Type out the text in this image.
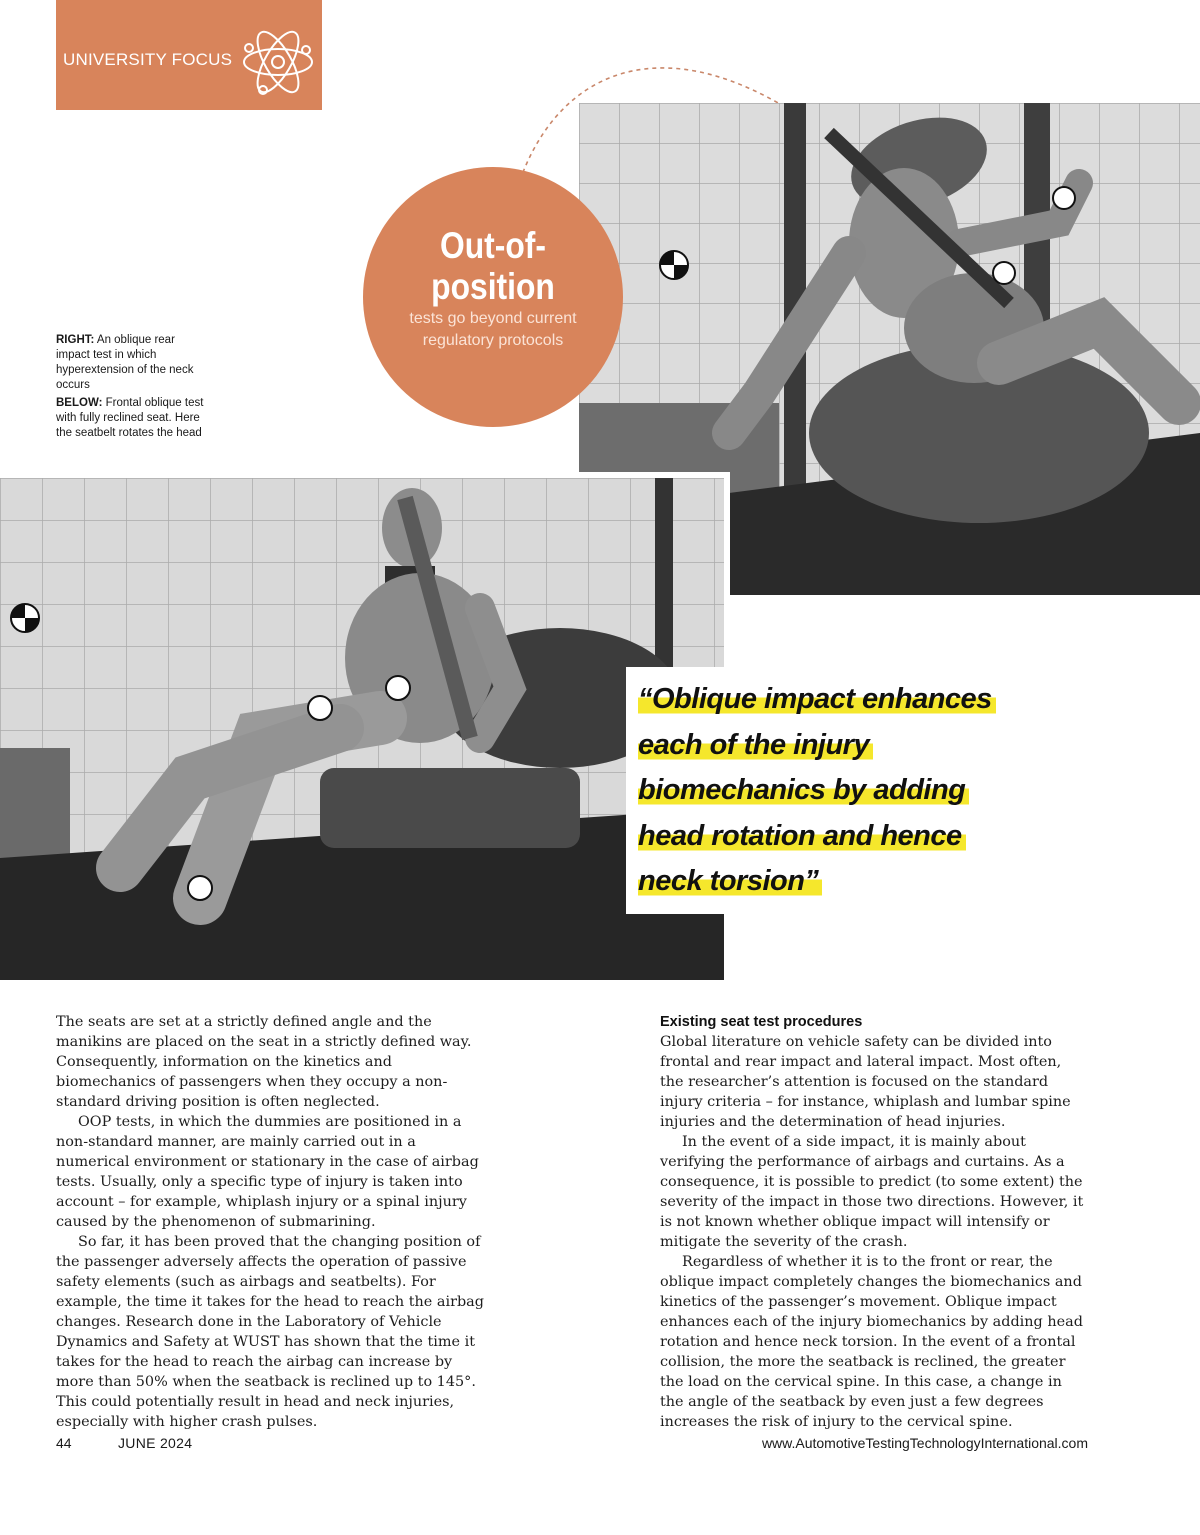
UNIVERSITY FOCUS

RIGHT: An oblique rear impact test in which hyperextension of the neck occurs

BELOW: Frontal oblique test with fully reclined seat. Here the seatbelt rotates the head

Out-of-position
tests go beyond current regulatory protocols
“Oblique impact enhances
each of the injury
biomechanics by adding
head rotation and hence
neck torsion”

The seats are set at a strictly defined angle and the manikins are placed on the seat in a strictly defined way. Consequently, information on the kinetics and biomechanics of passengers when they occupy a non-standard driving position is often neglected.

OOP tests, in which the dummies are positioned in a non-standard manner, are mainly carried out in a numerical environment or stationary in the case of airbag tests. Usually, only a specific type of injury is taken into account – for example, whiplash injury or a spinal injury caused by the phenomenon of submarining.

So far, it has been proved that the changing position of the passenger adversely affects the operation of passive safety elements (such as airbags and seatbelts). For example, the time it takes for the head to reach the airbag changes. Research done in the Laboratory of Vehicle Dynamics and Safety at WUST has shown that the time it takes for the head to reach the airbag can increase by more than 50% when the seatback is reclined up to 145°. This could potentially result in head and neck injuries, especially with higher crash pulses.

Existing seat test procedures

Global literature on vehicle safety can be divided into frontal and rear impact and lateral impact. Most often, the researcher’s attention is focused on the standard injury criteria – for instance, whiplash and lumbar spine injuries and the determination of head injuries.

In the event of a side impact, it is mainly about verifying the performance of airbags and curtains. As a consequence, it is possible to predict (to some extent) the severity of the impact in those two directions. However, it is not known whether oblique impact will intensify or mitigate the severity of the crash.

Regardless of whether it is to the front or rear, the oblique impact completely changes the biomechanics and kinetics of the passenger’s movement. Oblique impact enhances each of the injury biomechanics by adding head rotation and hence neck torsion. In the event of a frontal collision, the more the seatback is reclined, the greater the load on the cervical spine. In this case, a change in the angle of the seatback by even just a few degrees increases the risk of injury to the cervical spine.

44	JUNE 2024	www.AutomotiveTestingTechnologyInternational.com
